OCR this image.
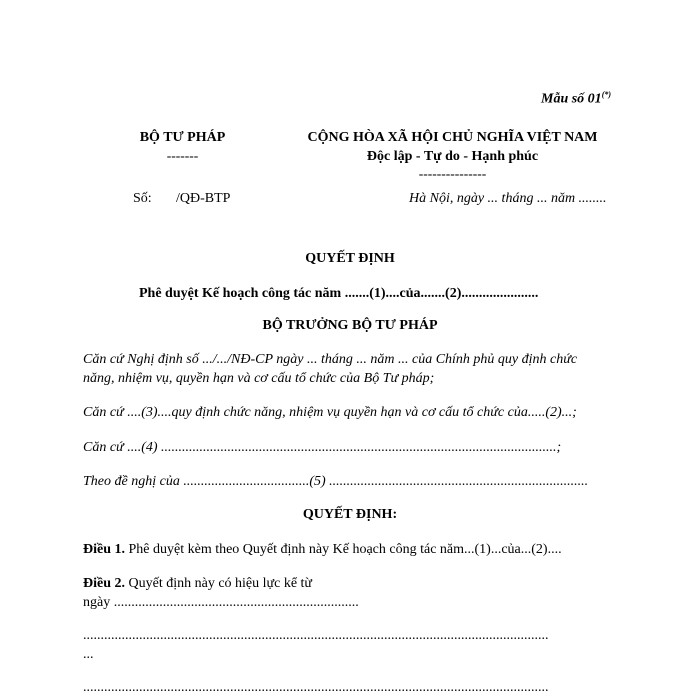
Mẫu số 01(*)
BỘ TƯ PHÁP
-------
CỘNG HÒA XÃ HỘI CHỦ NGHĨA VIỆT NAM
Độc lập - Tự do - Hạnh phúc
---------------
Số: /QĐ-BTP	Hà Nội, ngày ... tháng ... năm ........
QUYẾT ĐỊNH
Phê duyệt Kế hoạch công tác năm .......(1)....của.......(2)......................
BỘ TRƯỞNG BỘ TƯ PHÁP
Căn cứ Nghị định số .../.../NĐ-CP ngày ... tháng ... năm ... của Chính phủ quy định chức
năng, nhiệm vụ, quyền hạn và cơ cấu tổ chức của Bộ Tư pháp;
Căn cứ ....(3)....quy định chức năng, nhiệm vụ quyền hạn và cơ cấu tổ chức của.....(2)...;
Căn cứ ....(4) .................................................................................................................;
Theo đề nghị của ....................................(5) ..........................................................................
QUYẾT ĐỊNH:
Điều 1. Phê duyệt kèm theo Quyết định này Kế hoạch công tác năm...(1)...của...(2)....
Điều 2. Quyết định này có hiệu lực kể từ
ngày ......................................................................
.....................................................................................................................................
...
.....................................................................................................................................
